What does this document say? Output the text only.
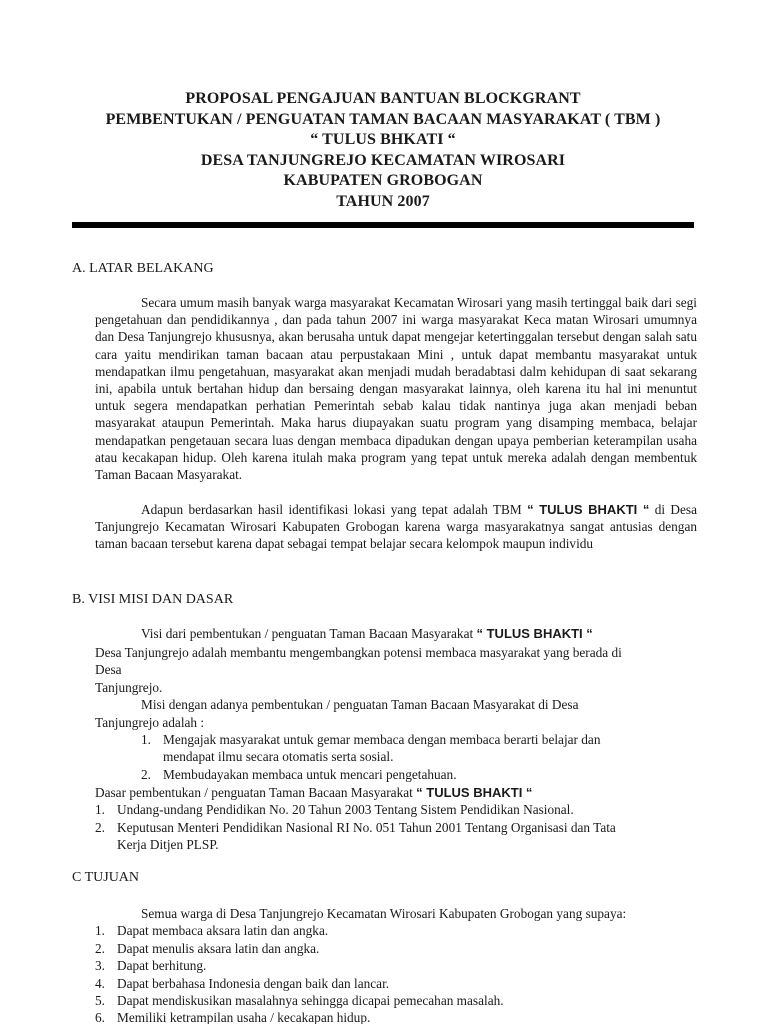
PROPOSAL PENGAJUAN BANTUAN BLOCKGRANT
PEMBENTUKAN / PENGUATAN TAMAN BACAAN MASYARAKAT ( TBM )
“ TULUS BHKATI “
DESA TANJUNGREJO KECAMATAN WIROSARI
KABUPATEN GROBOGAN
TAHUN 2007
A. LATAR BELAKANG
Secara umum masih banyak warga masyarakat Kecamatan Wirosari yang masih tertinggal baik dari segi pengetahuan dan pendidikannya , dan pada tahun 2007 ini warga masyarakat Keca matan Wirosari umumnya dan Desa Tanjungrejo khususnya, akan berusaha untuk dapat mengejar ketertinggalan tersebut dengan salah satu cara yaitu mendirikan taman bacaan atau perpustakaan Mini , untuk dapat membantu masyarakat untuk mendapatkan ilmu pengetahuan, masyarakat akan menjadi mudah beradabtasi dalm kehidupan di saat sekarang ini, apabila untuk bertahan hidup dan bersaing dengan masyarakat lainnya, oleh karena itu hal ini menuntut untuk segera mendapatkan perhatian Pemerintah sebab kalau tidak nantinya juga akan menjadi beban masyarakat ataupun Pemerintah. Maka harus diupayakan suatu program yang disamping membaca, belajar mendapatkan pengetauan secara luas dengan membaca dipadukan dengan upaya pemberian keterampilan usaha atau kecakapan hidup. Oleh karena itulah maka program yang tepat untuk mereka adalah dengan membentuk Taman Bacaan Masyarakat.
Adapun berdasarkan hasil identifikasi lokasi yang tepat adalah TBM “ TULUS BHAKTI “ di Desa Tanjungrejo Kecamatan Wirosari Kabupaten Grobogan karena warga masyarakatnya sangat antusias dengan taman bacaan tersebut karena dapat sebagai tempat belajar secara kelompok maupun individu
B. VISI MISI DAN DASAR
Visi dari pembentukan / penguatan Taman Bacaan Masyarakat “ TULUS BHAKTI “
Desa Tanjungrejo adalah membantu mengembangkan potensi membaca masyarakat yang berada di
Desa
Tanjungrejo.
Misi dengan adanya pembentukan / penguatan Taman Bacaan Masyarakat di Desa
Tanjungrejo adalah :
1. Mengajak masyarakat untuk gemar membaca dengan membaca berarti belajar dan
mendapat ilmu secara otomatis serta sosial.
2. Membudayakan membaca untuk mencari pengetahuan.
Dasar pembentukan / penguatan Taman Bacaan Masyarakat “ TULUS BHAKTI “
1. Undang-undang Pendidikan No. 20 Tahun 2003 Tentang Sistem Pendidikan Nasional.
2. Keputusan Menteri Pendidikan Nasional RI No. 051 Tahun 2001 Tentang Organisasi dan Tata
Kerja Ditjen PLSP.
C TUJUAN
Semua warga di Desa Tanjungrejo Kecamatan Wirosari Kabupaten Grobogan yang supaya:
1. Dapat membaca aksara latin dan angka.
2. Dapat menulis aksara latin dan angka.
3. Dapat berhitung.
4. Dapat berbahasa Indonesia dengan baik dan lancar.
5. Dapat mendiskusikan masalahnya sehingga dicapai pemecahan masalah.
6. Memiliki ketrampilan usaha / kecakapan hidup.
